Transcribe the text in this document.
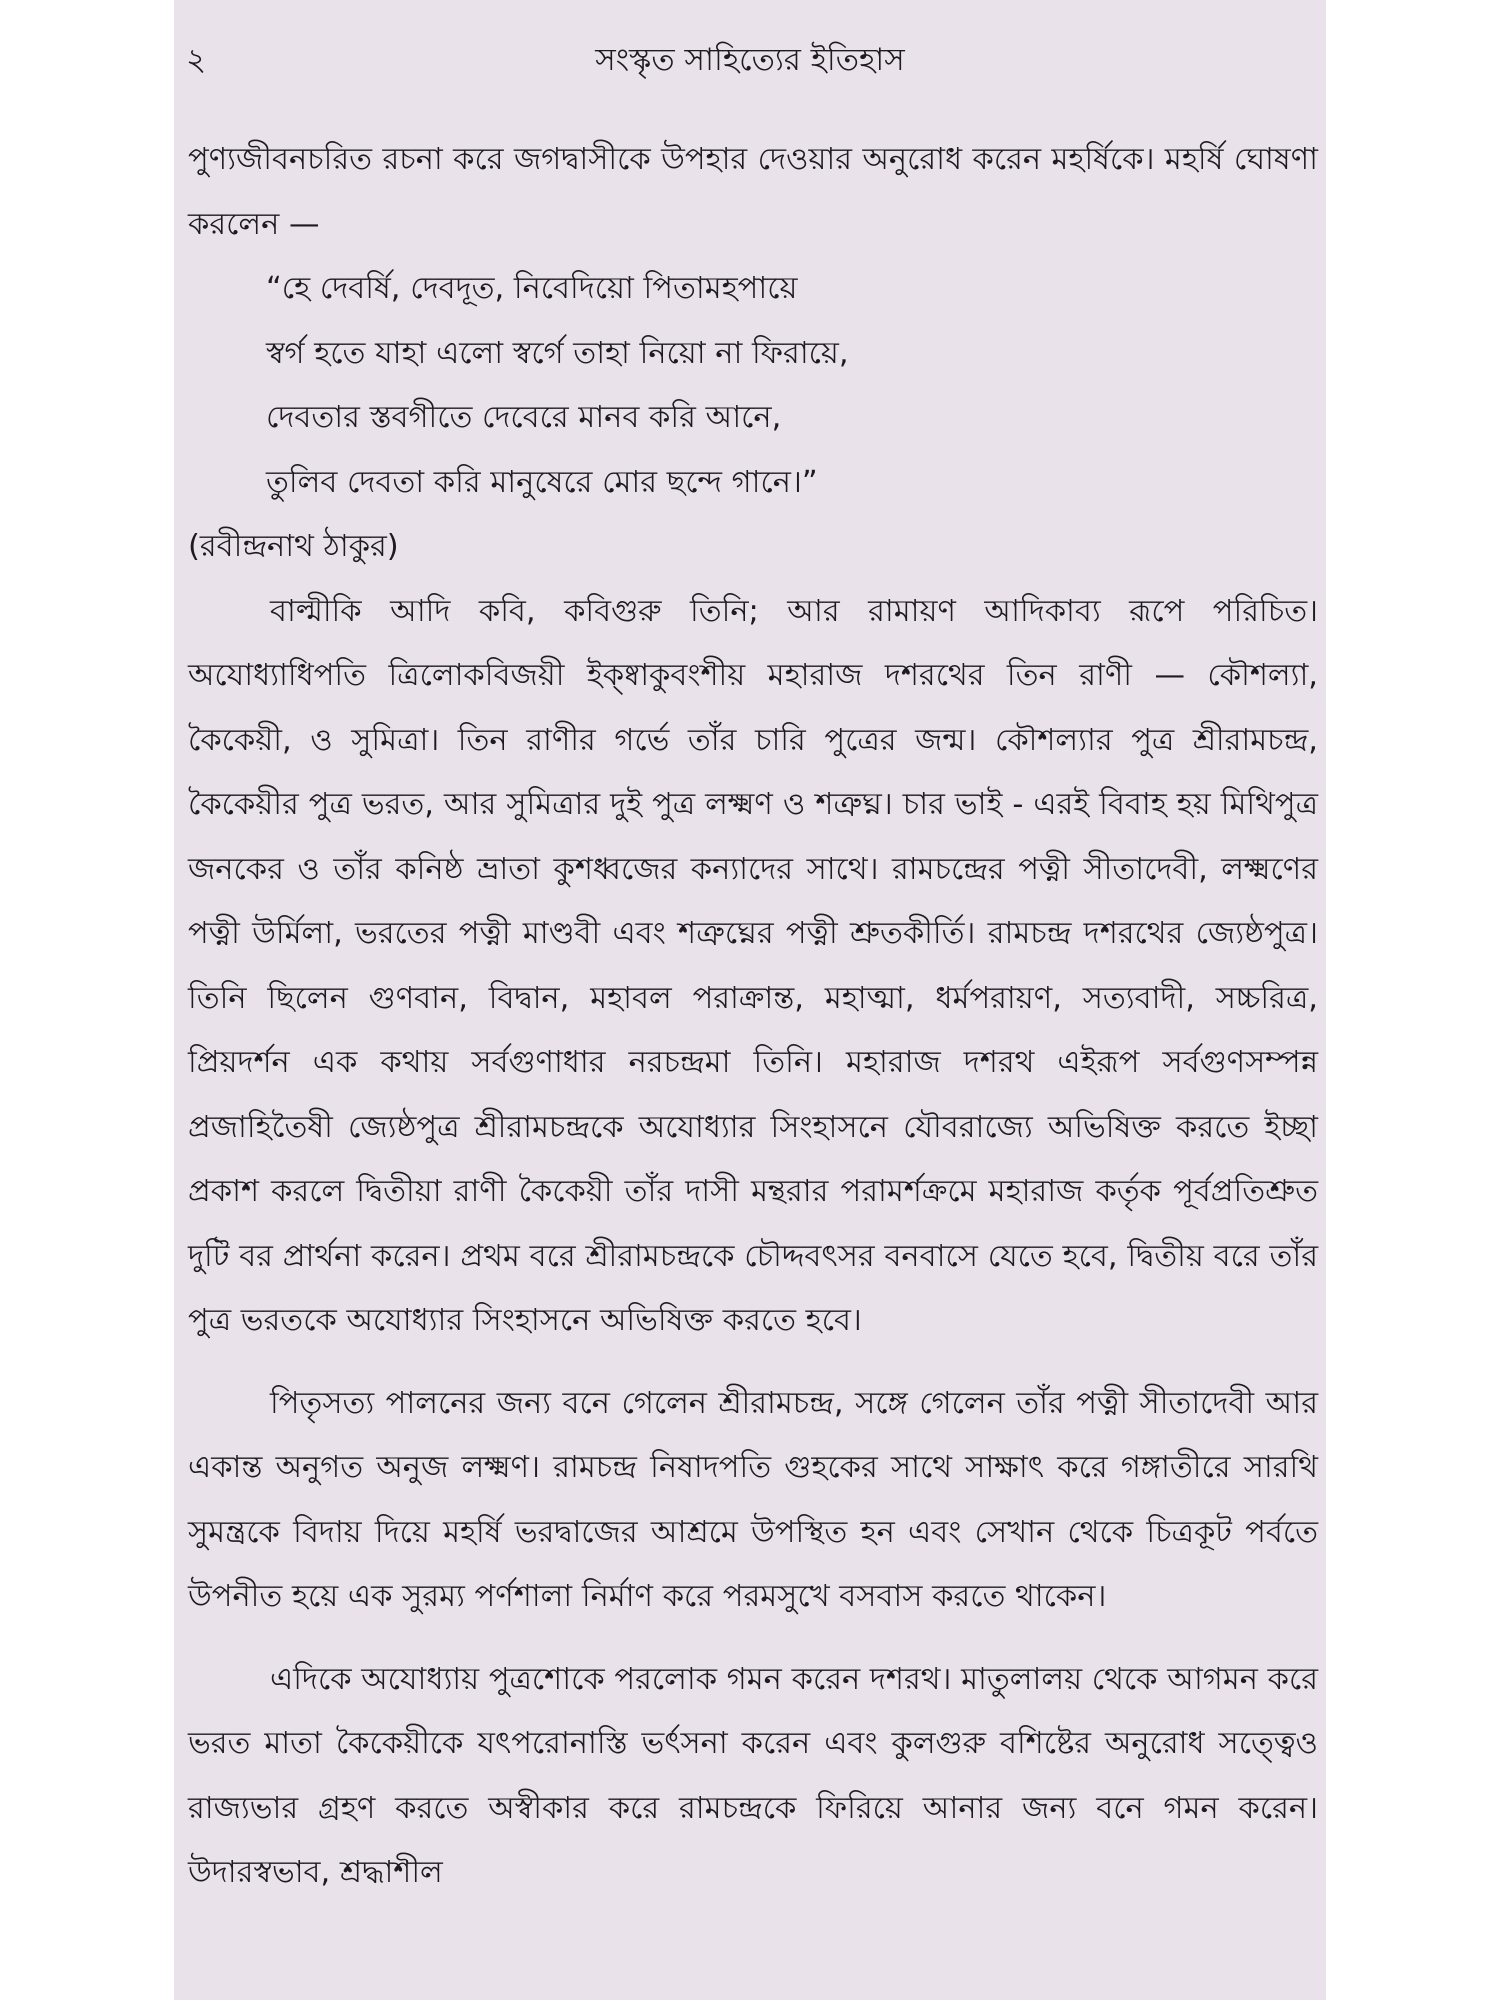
২	সংস্কৃত সাহিত্যের ইতিহাস

পুণ্যজীবনচরিত রচনা করে জগদ্বাসীকে উপহার দেওয়ার অনুরোধ করেন মহর্ষিকে। মহর্ষি ঘোষণা করলেন —

“হে দেবর্ষি, দেবদূত, নিবেদিয়ো পিতামহপায়ে
স্বর্গ হতে যাহা এলো স্বর্গে তাহা নিয়ো না ফিরায়ে,
দেবতার স্তবগীতে দেবেরে মানব করি আনে,
তুলিব দেবতা করি মানুষেরে মোর ছন্দে গানে।”

(রবীন্দ্রনাথ ঠাকুর)

বাল্মীকি আদি কবি, কবিগুরু তিনি; আর রামায়ণ আদিকাব্য রূপে পরিচিত। অযোধ্যাধিপতি ত্রিলোকবিজয়ী ইক্ষ্বাকুবংশীয় মহারাজ দশরথের তিন রাণী — কৌশল্যা, কৈকেয়ী, ও সুমিত্রা। তিন রাণীর গর্ভে তাঁর চারি পুত্রের জন্ম। কৌশল্যার পুত্র শ্রীরামচন্দ্র, কৈকেয়ীর পুত্র ভরত, আর সুমিত্রার দুই পুত্র লক্ষ্মণ ও শত্রুঘ্ন। চার ভাই - এরই বিবাহ হয় মিথিপুত্র জনকের ও তাঁর কনিষ্ঠ ভ্রাতা কুশধ্বজের কন্যাদের সাথে। রামচন্দ্রের পত্নী সীতাদেবী, লক্ষ্মণের পত্নী উর্মিলা, ভরতের পত্নী মাণ্ডবী এবং শত্রুঘ্নের পত্নী শ্রুতকীর্তি। রামচন্দ্র দশরথের জ্যেষ্ঠপুত্র। তিনি ছিলেন গুণবান, বিদ্বান, মহাবল পরাক্রান্ত, মহাত্মা, ধর্মপরায়ণ, সত্যবাদী, সচ্চরিত্র, প্রিয়দর্শন এক কথায় সর্বগুণাধার নরচন্দ্রমা তিনি। মহারাজ দশরথ এইরূপ সর্বগুণসম্পন্ন প্রজাহিতৈষী জ্যেষ্ঠপুত্র শ্রীরামচন্দ্রকে অযোধ্যার সিংহাসনে যৌবরাজ্যে অভিষিক্ত করতে ইচ্ছা প্রকাশ করলে দ্বিতীয়া রাণী কৈকেয়ী তাঁর দাসী মন্থরার পরামর্শক্রমে মহারাজ কর্তৃক পূর্বপ্রতিশ্রুত দুটি বর প্রার্থনা করেন। প্রথম বরে শ্রীরামচন্দ্রকে চৌদ্দবৎসর বনবাসে যেতে হবে, দ্বিতীয় বরে তাঁর পুত্র ভরতকে অযোধ্যার সিংহাসনে অভিষিক্ত করতে হবে।

পিতৃসত্য পালনের জন্য বনে গেলেন শ্রীরামচন্দ্র, সঙ্গে গেলেন তাঁর পত্নী সীতাদেবী আর একান্ত অনুগত অনুজ লক্ষ্মণ। রামচন্দ্র নিষাদপতি গুহকের সাথে সাক্ষাৎ করে গঙ্গাতীরে সারথি সুমন্ত্রকে বিদায় দিয়ে মহর্ষি ভরদ্বাজের আশ্রমে উপস্থিত হন এবং সেখান থেকে চিত্রকূট পর্বতে উপনীত হয়ে এক সুরম্য পর্ণশালা নির্মাণ করে পরমসুখে বসবাস করতে থাকেন।

এদিকে অযোধ্যায় পুত্রশোকে পরলোক গমন করেন দশরথ। মাতুলালয় থেকে আগমন করে ভরত মাতা কৈকেয়ীকে যৎপরোনাস্তি ভর্ৎসনা করেন এবং কুলগুরু বশিষ্টের অনুরোধ সত্ত্বেও রাজ্যভার গ্রহণ করতে অস্বীকার করে রামচন্দ্রকে ফিরিয়ে আনার জন্য বনে গমন করেন। উদারস্বভাব, শ্রদ্ধাশীল
